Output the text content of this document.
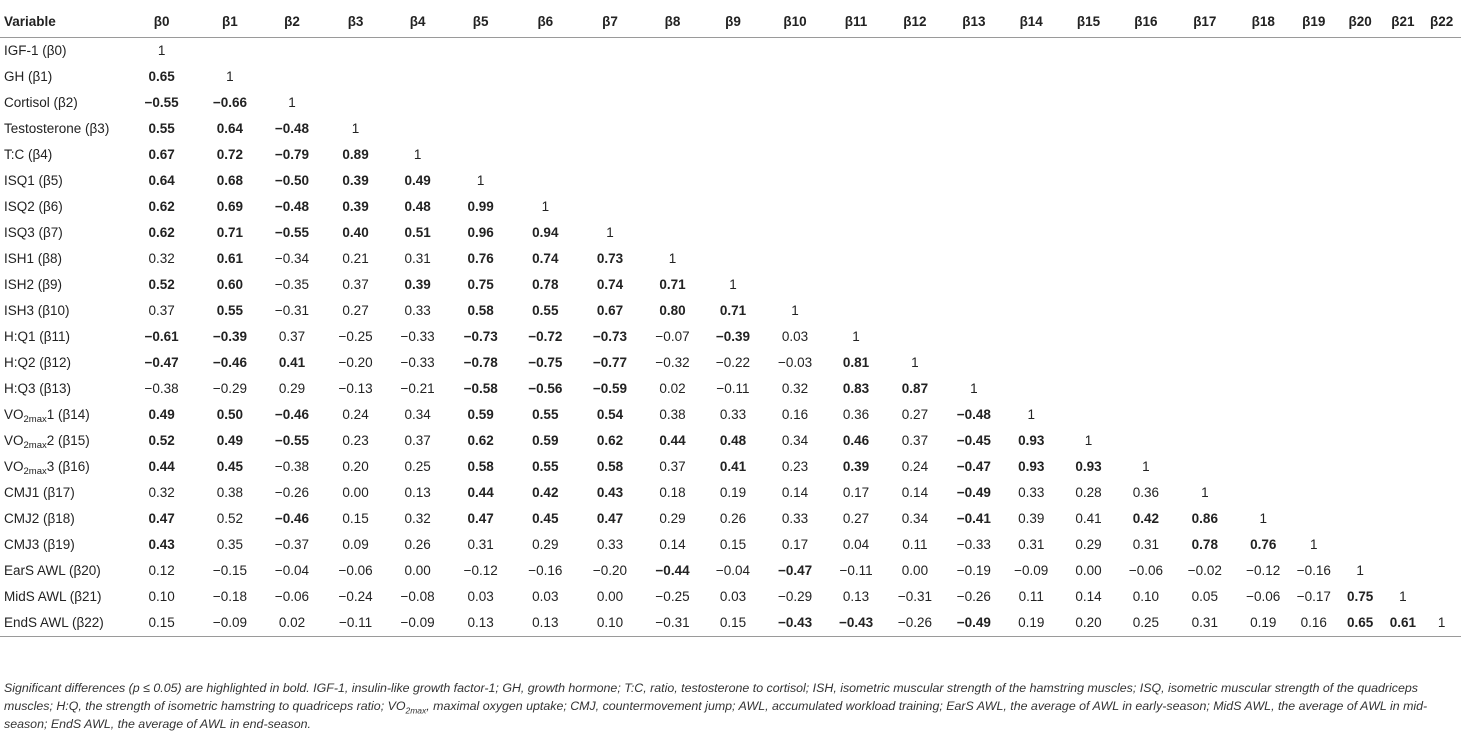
Variable	β0	β1	β2	β3	β4	β5	β6	β7	β8	β9	β10	β11	β12	β13	β14	β15	β16	β17	β18	β19	β20	β21	β22
IGF-1 (β0)	1																						
GH (β1)	0.65	1																					
Cortisol (β2)	−0.55	−0.66	1																				
Testosterone (β3)	0.55	0.64	−0.48	1																			
T:C (β4)	0.67	0.72	−0.79	0.89	1																		
ISQ1 (β5)	0.64	0.68	−0.50	0.39	0.49	1																	
ISQ2 (β6)	0.62	0.69	−0.48	0.39	0.48	0.99	1																
ISQ3 (β7)	0.62	0.71	−0.55	0.40	0.51	0.96	0.94	1															
ISH1 (β8)	0.32	0.61	−0.34	0.21	0.31	0.76	0.74	0.73	1														
ISH2 (β9)	0.52	0.60	−0.35	0.37	0.39	0.75	0.78	0.74	0.71	1													
ISH3 (β10)	0.37	0.55	−0.31	0.27	0.33	0.58	0.55	0.67	0.80	0.71	1												
H:Q1 (β11)	−0.61	−0.39	0.37	−0.25	−0.33	−0.73	−0.72	−0.73	−0.07	−0.39	0.03	1											
H:Q2 (β12)	−0.47	−0.46	0.41	−0.20	−0.33	−0.78	−0.75	−0.77	−0.32	−0.22	−0.03	0.81	1										
H:Q3 (β13)	−0.38	−0.29	0.29	−0.13	−0.21	−0.58	−0.56	−0.59	0.02	−0.11	0.32	0.83	0.87	1									
$VO_{2max}1$ (β14)	0.49	0.50	−0.46	0.24	0.34	0.59	0.55	0.54	0.38	0.33	0.16	0.36	0.27	−0.48	1								
$VO_{2max}2$ (β15)	0.52	0.49	−0.55	0.23	0.37	0.62	0.59	0.62	0.44	0.48	0.34	0.46	0.37	−0.45	0.93	1							
$VO_{2max}3$ (β16)	0.44	0.45	−0.38	0.20	0.25	0.58	0.55	0.58	0.37	0.41	0.23	0.39	0.24	−0.47	0.93	0.93	1						
CMJ1 (β17)	0.32	0.38	−0.26	0.00	0.13	0.44	0.42	0.43	0.18	0.19	0.14	0.17	0.14	−0.49	0.33	0.28	0.36	1					
CMJ2 (β18)	0.47	0.52	−0.46	0.15	0.32	0.47	0.45	0.47	0.29	0.26	0.33	0.27	0.34	−0.41	0.39	0.41	0.42	0.86	1				
CMJ3 (β19)	0.43	0.35	−0.37	0.09	0.26	0.31	0.29	0.33	0.14	0.15	0.17	0.04	0.11	−0.33	0.31	0.29	0.31	0.78	0.76	1			
EarS AWL (β20)	0.12	−0.15	−0.04	−0.06	0.00	−0.12	−0.16	−0.20	−0.44	−0.04	−0.47	−0.11	0.00	−0.19	−0.09	0.00	−0.06	−0.02	−0.12	−0.16	1		
MidS AWL (β21)	0.10	−0.18	−0.06	−0.24	−0.08	0.03	0.03	0.00	−0.25	0.03	−0.29	0.13	−0.31	−0.26	0.11	0.14	0.10	0.05	−0.06	−0.17	0.75	1	
EndS AWL (β22)	0.15	−0.09	0.02	−0.11	−0.09	0.13	0.13	0.10	−0.31	0.15	−0.43	−0.43	−0.26	−0.49	0.19	0.20	0.25	0.31	0.19	0.16	0.65	0.61	1
Significant differences (p ≤ 0.05) are highlighted in bold. IGF-1, insulin-like growth factor-1; GH, growth hormone; T:C, ratio, testosterone to cortisol; ISH, isometric muscular strength of the hamstring muscles; ISQ, isometric muscular strength of the quadriceps muscles; H:Q, the strength of isometric hamstring to quadriceps ratio; $VO_{2max}$, maximal oxygen uptake; CMJ, countermovement jump; AWL, accumulated workload training; EarS AWL, the average of AWL in early-season; MidS AWL, the average of AWL in mid-season; EndS AWL, the average of AWL in end-season.
